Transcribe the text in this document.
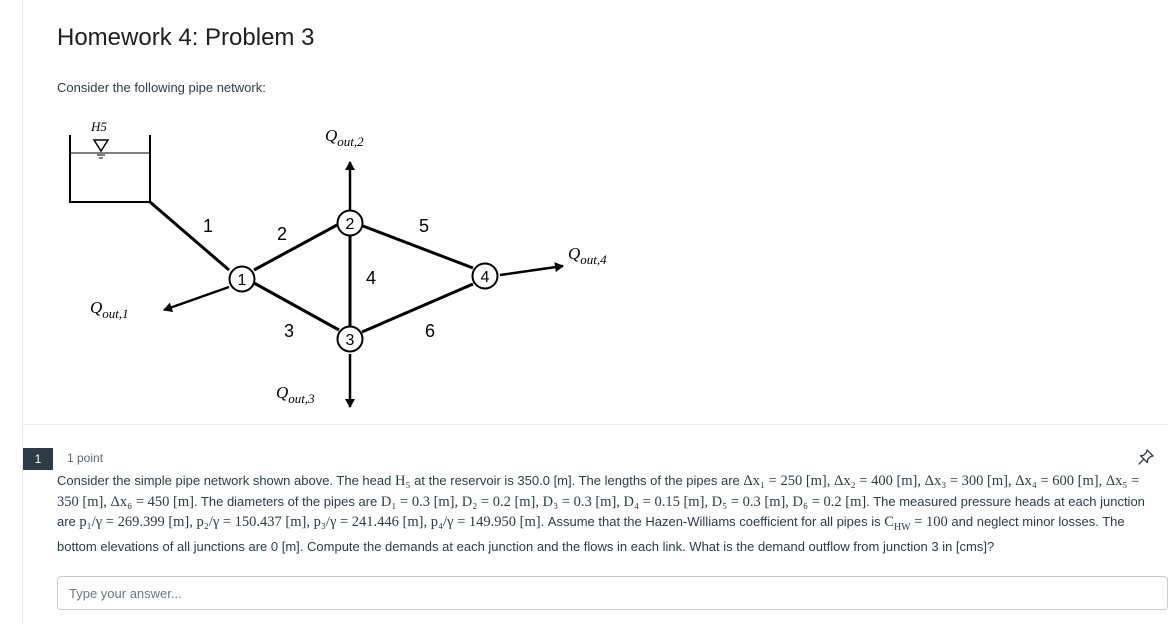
Homework 4: Problem 3
Consider the following pipe network:
$_{H5}$
1
2
3
4
1	2
3
4
5
6
$Q_{out,1}$
$Q_{out,2}$
$Q_{out,3}$
$Q_{out,4}$
1	1 point
Consider the simple pipe network shown above. The head H₅ at the reservoir is 350.0 [m]. The lengths of the pipes are Δx₁ = 250 [m], Δx₂ = 400 [m], Δx₃ = 300 [m], Δx₄ = 600 [m], Δx₅ = 350 [m], Δx₆ = 450 [m]. The diameters of the pipes are D₁ = 0.3 [m], D₂ = 0.2 [m], D₃ = 0.3 [m], D₄ = 0.15 [m], D₅ = 0.3 [m], D₆ = 0.2 [m]. The measured pressure heads at each junction are p₁/γ = 269.399 [m], p₂/γ = 150.437 [m], p₃/γ = 241.446 [m], p₄/γ = 149.950 [m]. Assume that the Hazen-Williams coefficient for all pipes is $C_{HW} = 100$ and neglect minor losses. The bottom elevations of all junctions are 0 [m]. Compute the demands at each junction and the flows in each link. What is the demand outflow from junction 3 in [cms]?
Type your answer...
